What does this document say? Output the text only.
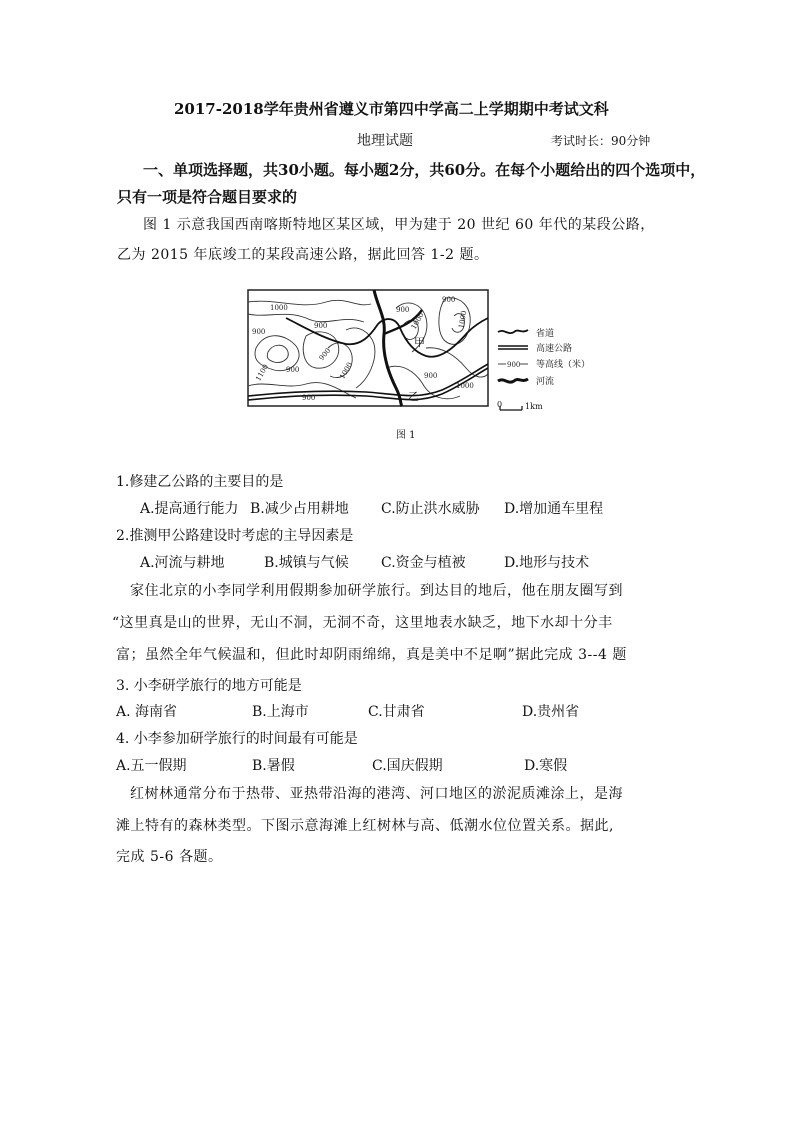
2017-2018学年贵州省遵义市第四中学高二上学期期中考试文科
地理试题	考试时长：90分钟
一、单项选择题，共30小题。每小题2分，共60分。在每个小题给出的四个选项中，
只有一项是符合题目要求的
图 1 示意我国西南喀斯特地区某区域，甲为建于 20 世纪 60 年代的某段公路，
乙为 2015 年底竣工的某段高速公路，据此回答 1-2 题。
1000
900
900
900
1000
900
1000
900
1100 900	1000	900
1000
900
甲
乙
省道
高速公路
900 等高线（米）
河流
0	1km
图 1
1.修建乙公路的主要目的是
A.提高通行能力 B.减少占用耕地 C.防止洪水威胁 D.增加通车里程
2.推测甲公路建设时考虑的主导因素是
A.河流与耕地	B.城镇与气候 C.资金与植被	D.地形与技术
家住北京的小李同学利用假期参加研学旅行。到达目的地后，他在朋友圈写到
“这里真是山的世界，无山不洞，无洞不奇，这里地表水缺乏，地下水却十分丰
富；虽然全年气候温和，但此时却阴雨绵绵，真是美中不足啊”据此完成 3--4 题
3. 小李研学旅行的地方可能是
A. 海南省	B.上海市	C.甘肃省	D.贵州省
4. 小李参加研学旅行的时间最有可能是
A.五一假期	B.暑假	C.国庆假期	D.寒假
红树林通常分布于热带、亚热带沿海的港湾、河口地区的淤泥质滩涂上，是海
滩上特有的森林类型。下图示意海滩上红树林与高、低潮水位位置关系。据此,
完成 5-6 各题。
